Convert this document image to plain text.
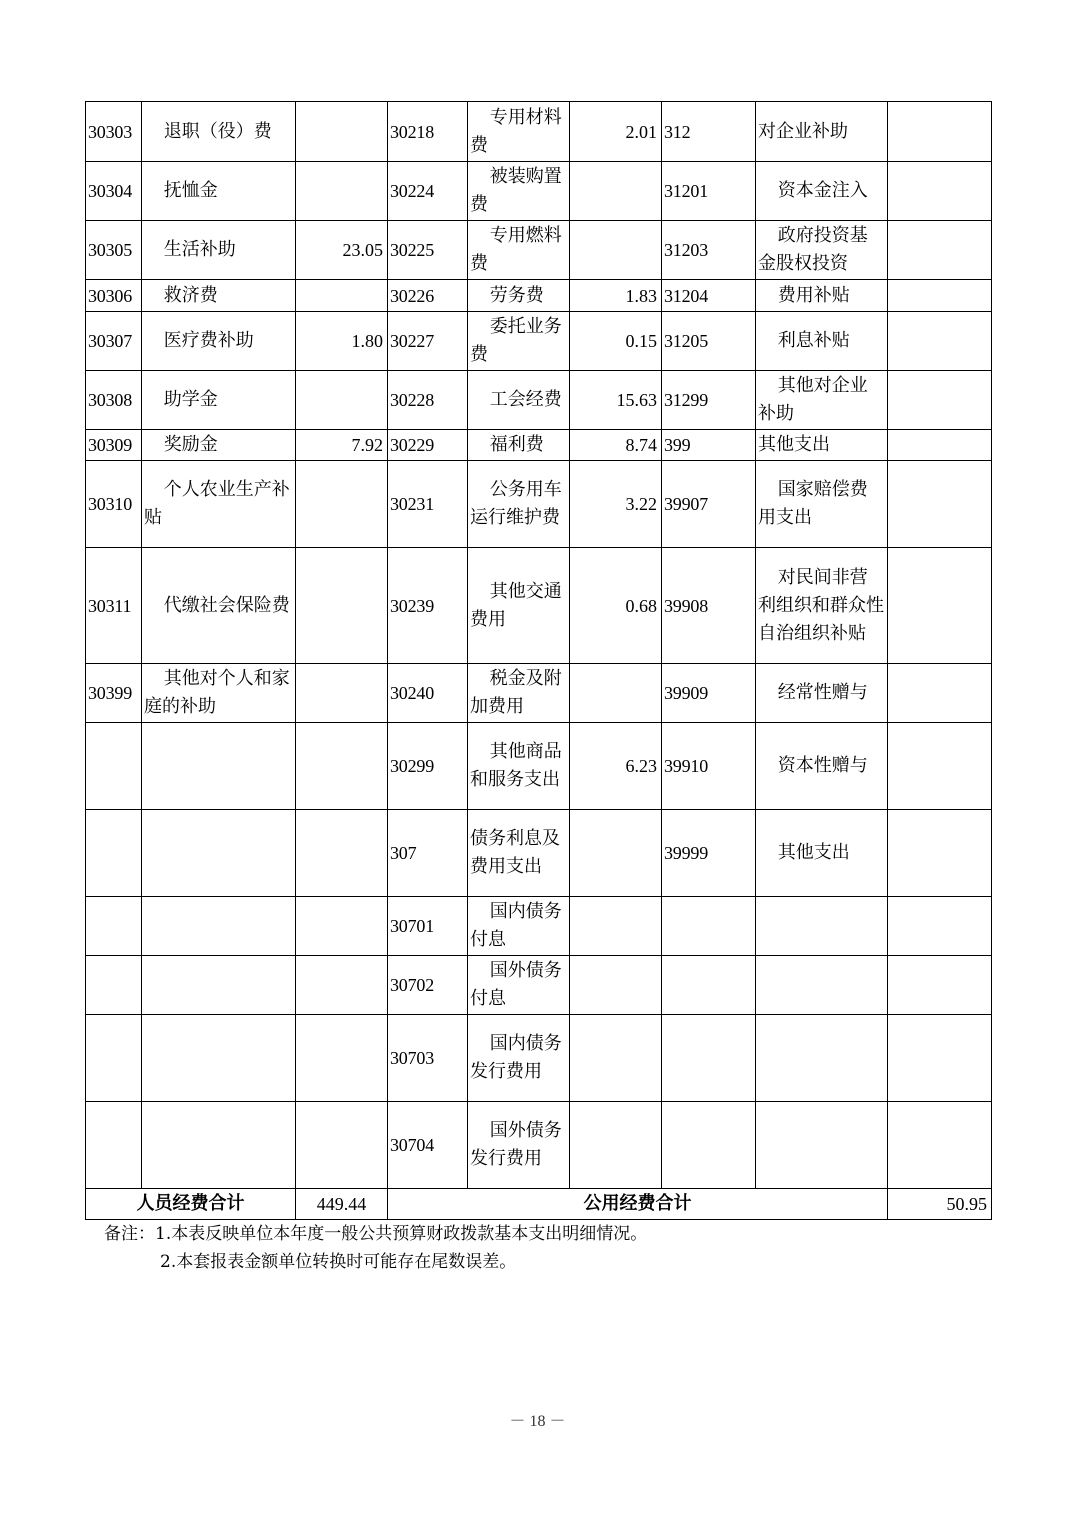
30303	退职（役）费		30218	专用材料费	2.01	312	对企业补助	
30304	抚恤金		30224	被装购置费		31201	资本金注入	
30305	生活补助	23.05	30225	专用燃料费		31203	政府投资基金股权投资	
30306	救济费		30226	劳务费	1.83	31204	费用补贴	
30307	医疗费补助	1.80	30227	委托业务费	0.15	31205	利息补贴	
30308	助学金		30228	工会经费	15.63	31299	其他对企业补助	
30309	奖励金	7.92	30229	福利费	8.74	399	其他支出	
30310	个人农业生产补贴		30231	公务用车运行维护费	3.22	39907	国家赔偿费用支出	
30311	代缴社会保险费		30239	其他交通费用	0.68	39908	对民间非营利组织和群众性自治组织补贴	
30399	其他对个人和家庭的补助		30240	税金及附加费用		39909	经常性赠与	
			30299	其他商品和服务支出	6.23	39910	资本性赠与	
			307	债务利息及费用支出		39999	其他支出	
			30701	国内债务付息				
			30702	国外债务付息				
			30703	国内债务发行费用				
			30704	国外债务发行费用				
人员经费合计		449.44	公用经费合计					50.95
备注：1.本表反映单位本年度一般公共预算财政拨款基本支出明细情况。
2.本套报表金额单位转换时可能存在尾数误差。
－ 18 －
